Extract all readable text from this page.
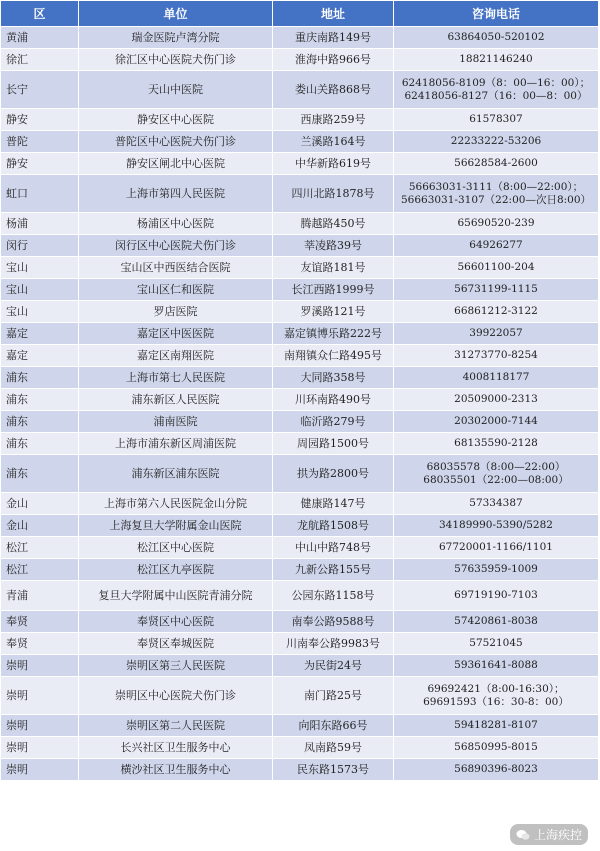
区	单位	地址	咨询电话
黄浦	瑞金医院卢湾分院	重庆南路149号	63864050-520102

徐汇	徐汇区中心医院犬伤门诊	淮海中路966号	18821146240

长宁	天山中医院	娄山关路868号	62418056-8109（8：00—16：00）；
62418056-8127（16：00—8：00）

静安	静安区中心医院	西康路259号	61578307

普陀	普陀区中心医院犬伤门诊	兰溪路164号	22233222-53206

静安	静安区闸北中心医院	中华新路619号	56628584-2600

虹口	上海市第四人民医院	四川北路1878号	56663031-3111（8:00—22:00）；
56663031-3107（22:00—次日8:00）

杨浦	杨浦区中心医院	腾越路450号	65690520-239

闵行	闵行区中心医院犬伤门诊	莘凌路39号	64926277

宝山	宝山区中西医结合医院	友谊路181号	56601100-204

宝山	宝山区仁和医院	长江西路1999号	56731199-1115

宝山	罗店医院	罗溪路121号	66861212-3122

嘉定	嘉定区中医医院	嘉定镇博乐路222号	39922057

嘉定	嘉定区南翔医院	南翔镇众仁路495号	31273770-8254

浦东	上海市第七人民医院	大同路358号	4008118177

浦东	浦东新区人民医院	川环南路490号	20509000-2313

浦东	浦南医院	临沂路279号	20302000-7144

浦东	上海市浦东新区周浦医院	周园路1500号	68135590-2128

浦东	浦东新区浦东医院	拱为路2800号	68035578（8:00—22:00）
68035501（22:00—08:00）

金山	上海市第六人民医院金山分院	健康路147号	57334387

金山	上海复旦大学附属金山医院	龙航路1508号	34189990-5390/5282

松江	松江区中心医院	中山中路748号	67720001-1166/1101

松江	松江区九亭医院	九新公路155号	57635959-1009

青浦	复旦大学附属中山医院青浦分院	公园东路1158号	69719190-7103

奉贤	奉贤区中心医院	南奉公路9588号	57420861-8038

奉贤	奉贤区奉城医院	川南奉公路9983号	57521045

崇明	崇明区第三人民医院	为民街24号	59361641-8088

崇明	崇明区中心医院犬伤门诊	南门路25号	69692421（8:00-16:30）；
69691593（16：30-8：00）

崇明	崇明区第二人民医院	向阳东路66号	59418281-8107

崇明	长兴社区卫生服务中心	凤南路59号	56850995-8015

崇明	横沙社区卫生服务中心	民东路1573号	56890396-8023
上海疾控
